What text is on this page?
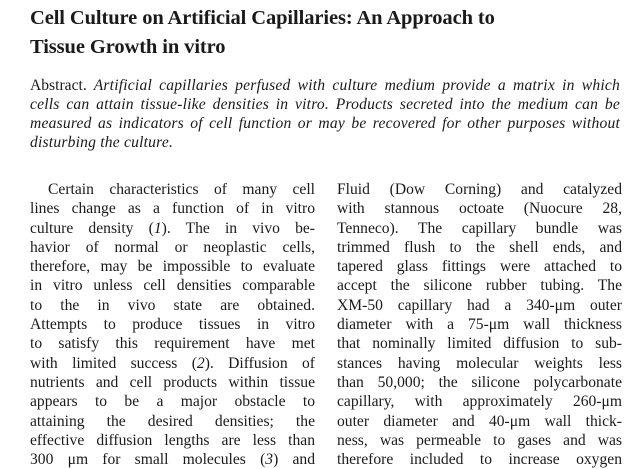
Cell Culture on Artificial Capillaries: An Approach to
Tissue Growth in vitro
Abstract. Artificial capillaries perfused with culture medium provide a matrix in which cells can attain tissue-like densities in vitro. Products secreted into the medium can be measured as indicators of cell function or may be recovered for other purposes without disturbing the culture.
Certain characteristics of many cell
lines change as a function of in vitro
culture density (1). The in vivo be-
havior of normal or neoplastic cells,
therefore, may be impossible to evaluate
in vitro unless cell densities comparable
to the in vivo state are obtained.
Attempts to produce tissues in vitro
to satisfy this requirement have met
with limited success (2). Diffusion of
nutrients and cell products within tissue
appears to be a major obstacle to
attaining the desired densities; the
effective diffusion lengths are less than
300 μm for small molecules (3) and
Fluid (Dow Corning) and catalyzed
with stannous octoate (Nuocure 28,
Tenneco). The capillary bundle was
trimmed flush to the shell ends, and
tapered glass fittings were attached to
accept the silicone rubber tubing. The
XM-50 capillary had a 340-μm outer
diameter with a 75-μm wall thickness
that nominally limited diffusion to sub-
stances having molecular weights less
than 50,000; the silicone polycarbonate
capillary, with approximately 260-μm
outer diameter and 40-μm wall thick-
ness, was permeable to gases and was
therefore included to increase oxygen
